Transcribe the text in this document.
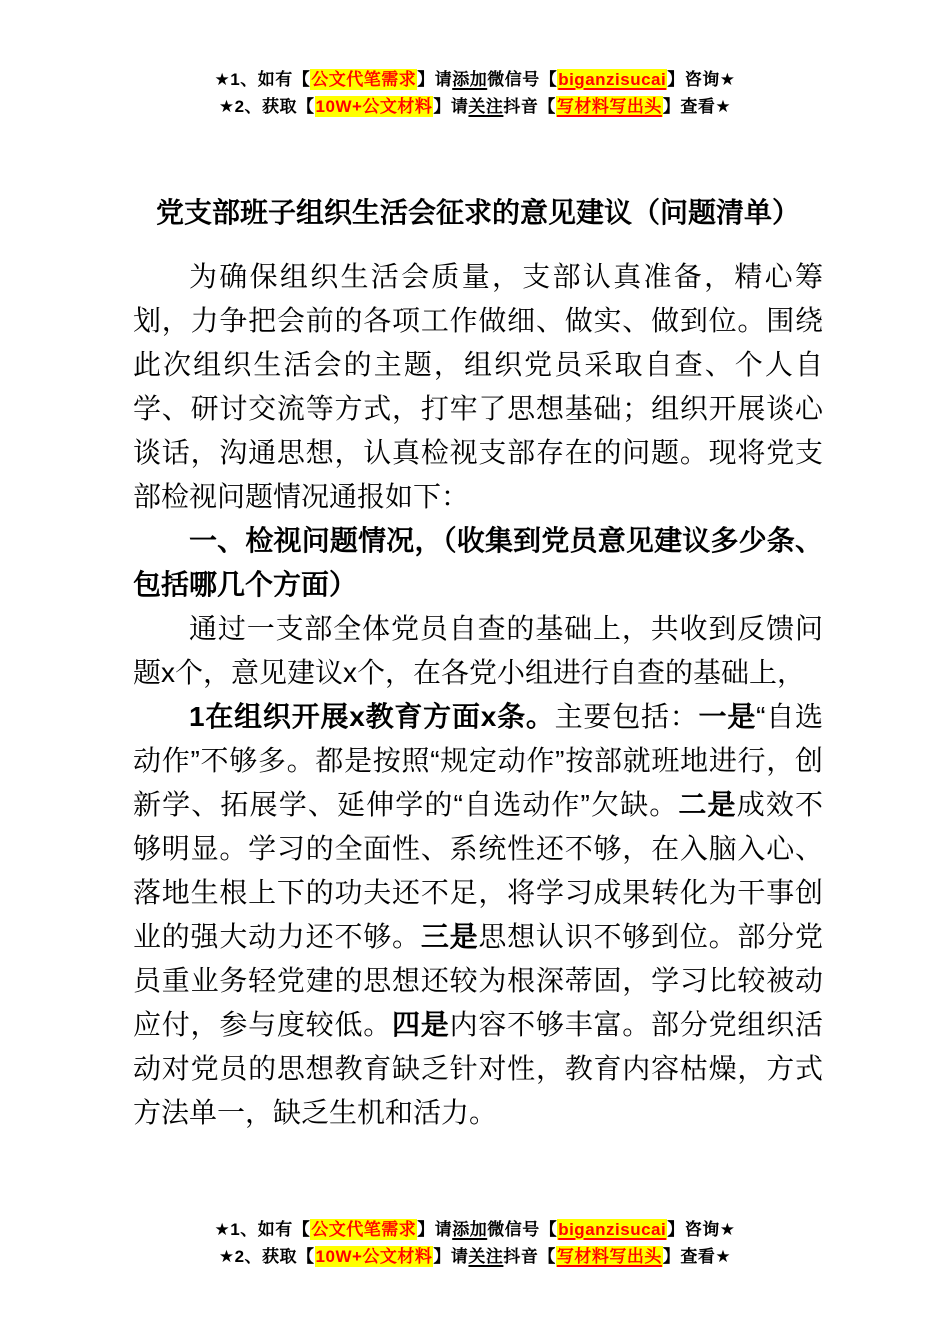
★1、如有【公文代笔需求】请添加微信号【biganzisucai】咨询★
★2、获取【10W+公文材料】请关注抖音【写材料写出头】查看★
党支部班子组织生活会征求的意见建议（问题清单）

为确保组织生活会质量，支部认真准备，精心筹划，力争把会前的各项工作做细、做实、做到位。围绕此次组织生活会的主题，组织党员采取自查、个人自学、研讨交流等方式，打牢了思想基础；组织开展谈心谈话，沟通思想，认真检视支部存在的问题。现将党支部检视问题情况通报如下：

一、检视问题情况，（收集到党员意见建议多少条、包括哪几个方面）

通过一支部全体党员自查的基础上，共收到反馈问题x个，意见建议x个，在各党小组进行自查的基础上，

1在组织开展x教育方面x条。主要包括：一是“自选动作”不够多。都是按照“规定动作”按部就班地进行，创新学、拓展学、延伸学的“自选动作”欠缺。二是成效不够明显。学习的全面性、系统性还不够，在入脑入心、落地生根上下的功夫还不足，将学习成果转化为干事创业的强大动力还不够。三是思想认识不够到位。部分党员重业务轻党建的思想还较为根深蒂固，学习比较被动应付，参与度较低。四是内容不够丰富。部分党组织活动对党员的思想教育缺乏针对性，教育内容枯燥，方式方法单一，缺乏生机和活力。

★1、如有【公文代笔需求】请添加微信号【biganzisucai】咨询★
★2、获取【10W+公文材料】请关注抖音【写材料写出头】查看★
